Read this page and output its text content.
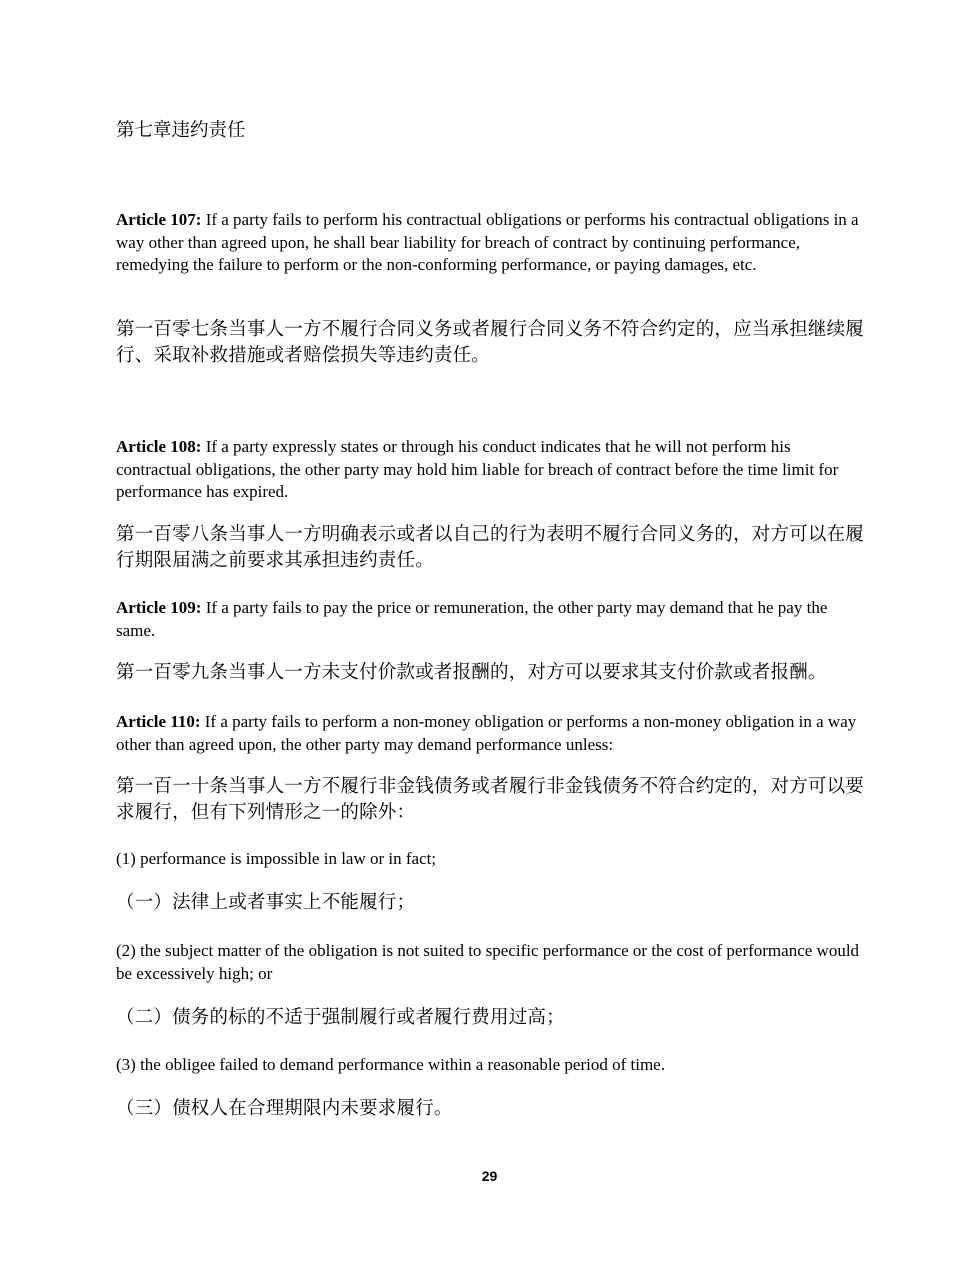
第七章违约责任

Article 107: If a party fails to perform his contractual obligations or performs his contractual obligations in a way other than agreed upon, he shall bear liability for breach of contract by continuing performance, remedying the failure to perform or the non-conforming performance, or paying damages, etc.

第一百零七条当事人一方不履行合同义务或者履行合同义务不符合约定的，应当承担继续履行、采取补救措施或者赔偿损失等违约责任。

Article 108: If a party expressly states or through his conduct indicates that he will not perform his contractual obligations, the other party may hold him liable for breach of contract before the time limit for performance has expired.

第一百零八条当事人一方明确表示或者以自己的行为表明不履行合同义务的，对方可以在履行期限届满之前要求其承担违约责任。

Article 109: If a party fails to pay the price or remuneration, the other party may demand that he pay the same.

第一百零九条当事人一方未支付价款或者报酬的，对方可以要求其支付价款或者报酬。

Article 110: If a party fails to perform a non-money obligation or performs a non-money obligation in a way other than agreed upon, the other party may demand performance unless:

第一百一十条当事人一方不履行非金钱债务或者履行非金钱债务不符合约定的，对方可以要求履行，但有下列情形之一的除外：

(1) performance is impossible in law or in fact;

（一）法律上或者事实上不能履行；

(2) the subject matter of the obligation is not suited to specific performance or the cost of performance would be excessively high; or

（二）债务的标的不适于强制履行或者履行费用过高；

(3) the obligee failed to demand performance within a reasonable period of time.

（三）债权人在合理期限内未要求履行。

29
